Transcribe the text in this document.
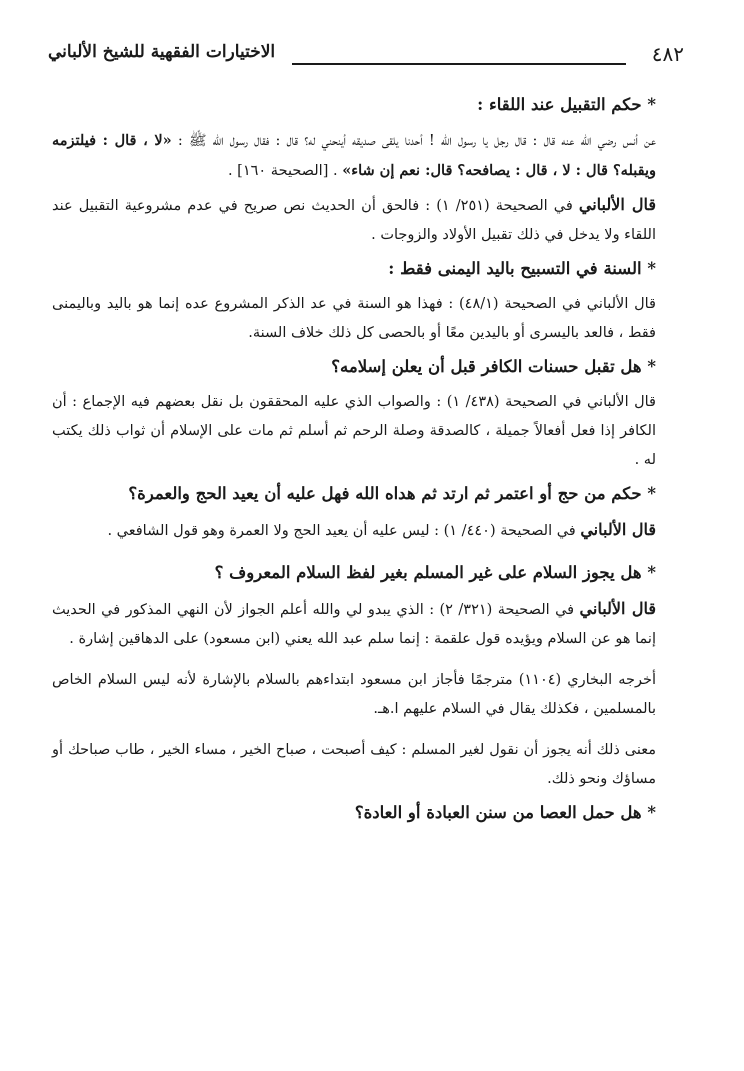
٤٨٢
الاختيارات الفقهية للشيخ الألباني
* حكم التقبيل عند اللقاء :

عن أنس رضي الله عنه قال : قال رجل يا رسول الله ! أحدنا يلقى صديقه أينحني له؟ قال : فقال رسول الله ﷺ : «لا ، قال : فيلتزمه ويقبله؟ قال : لا ، قال : يصافحه؟ قال: نعم إن شاء» . [الصحيحة ١٦٠] .

قال الألباني في الصحيحة (٢٥١/ ١) : فالحق أن الحديث نص صريح في عدم مشروعية التقبيل عند اللقاء ولا يدخل في ذلك تقبيل الأولاد والزوجات .

* السنة في التسبيح باليد اليمنى فقط :

قال الألباني في الصحيحة (٤٨/١) : فهذا هو السنة في عد الذكر المشروع عده إنما هو باليد وباليمنى فقط ، فالعد باليسرى أو باليدين معًا أو بالحصى كل ذلك خلاف السنة.

* هل تقبل حسنات الكافر قبل أن يعلن إسلامه؟

قال الألباني في الصحيحة (٤٣٨/ ١) : والصواب الذي عليه المحققون بل نقل بعضهم فيه الإجماع : أن الكافر إذا فعل أفعالاً جميلة ، كالصدقة وصلة الرحم ثم أسلم ثم مات على الإسلام أن ثواب ذلك يكتب له .

* حكم من حج أو اعتمر ثم ارتد ثم هداه الله فهل عليه أن يعيد الحج والعمرة؟

قال الألباني في الصحيحة (٤٤٠/ ١) : ليس عليه أن يعيد الحج ولا العمرة وهو قول الشافعي .

* هل يجوز السلام على غير المسلم بغير لفظ السلام المعروف ؟

قال الألباني في الصحيحة (٣٢١/ ٢) : الذي يبدو لي والله أعلم الجواز لأن النهي المذكور في الحديث إنما هو عن السلام ويؤيده قول علقمة : إنما سلم عبد الله يعني (ابن مسعود) على الدهاقين إشارة .

أخرجه البخاري (١١٠٤) مترجمًا فأجاز ابن مسعود ابتداءهم بالسلام بالإشارة لأنه ليس السلام الخاص بالمسلمين ، فكذلك يقال في السلام عليهم ا.هـ.

معنى ذلك أنه يجوز أن نقول لغير المسلم : كيف أصبحت ، صباح الخير ، مساء الخير ، طاب صباحك أو مساؤك ونحو ذلك.

* هل حمل العصا من سنن العبادة أو العادة؟
